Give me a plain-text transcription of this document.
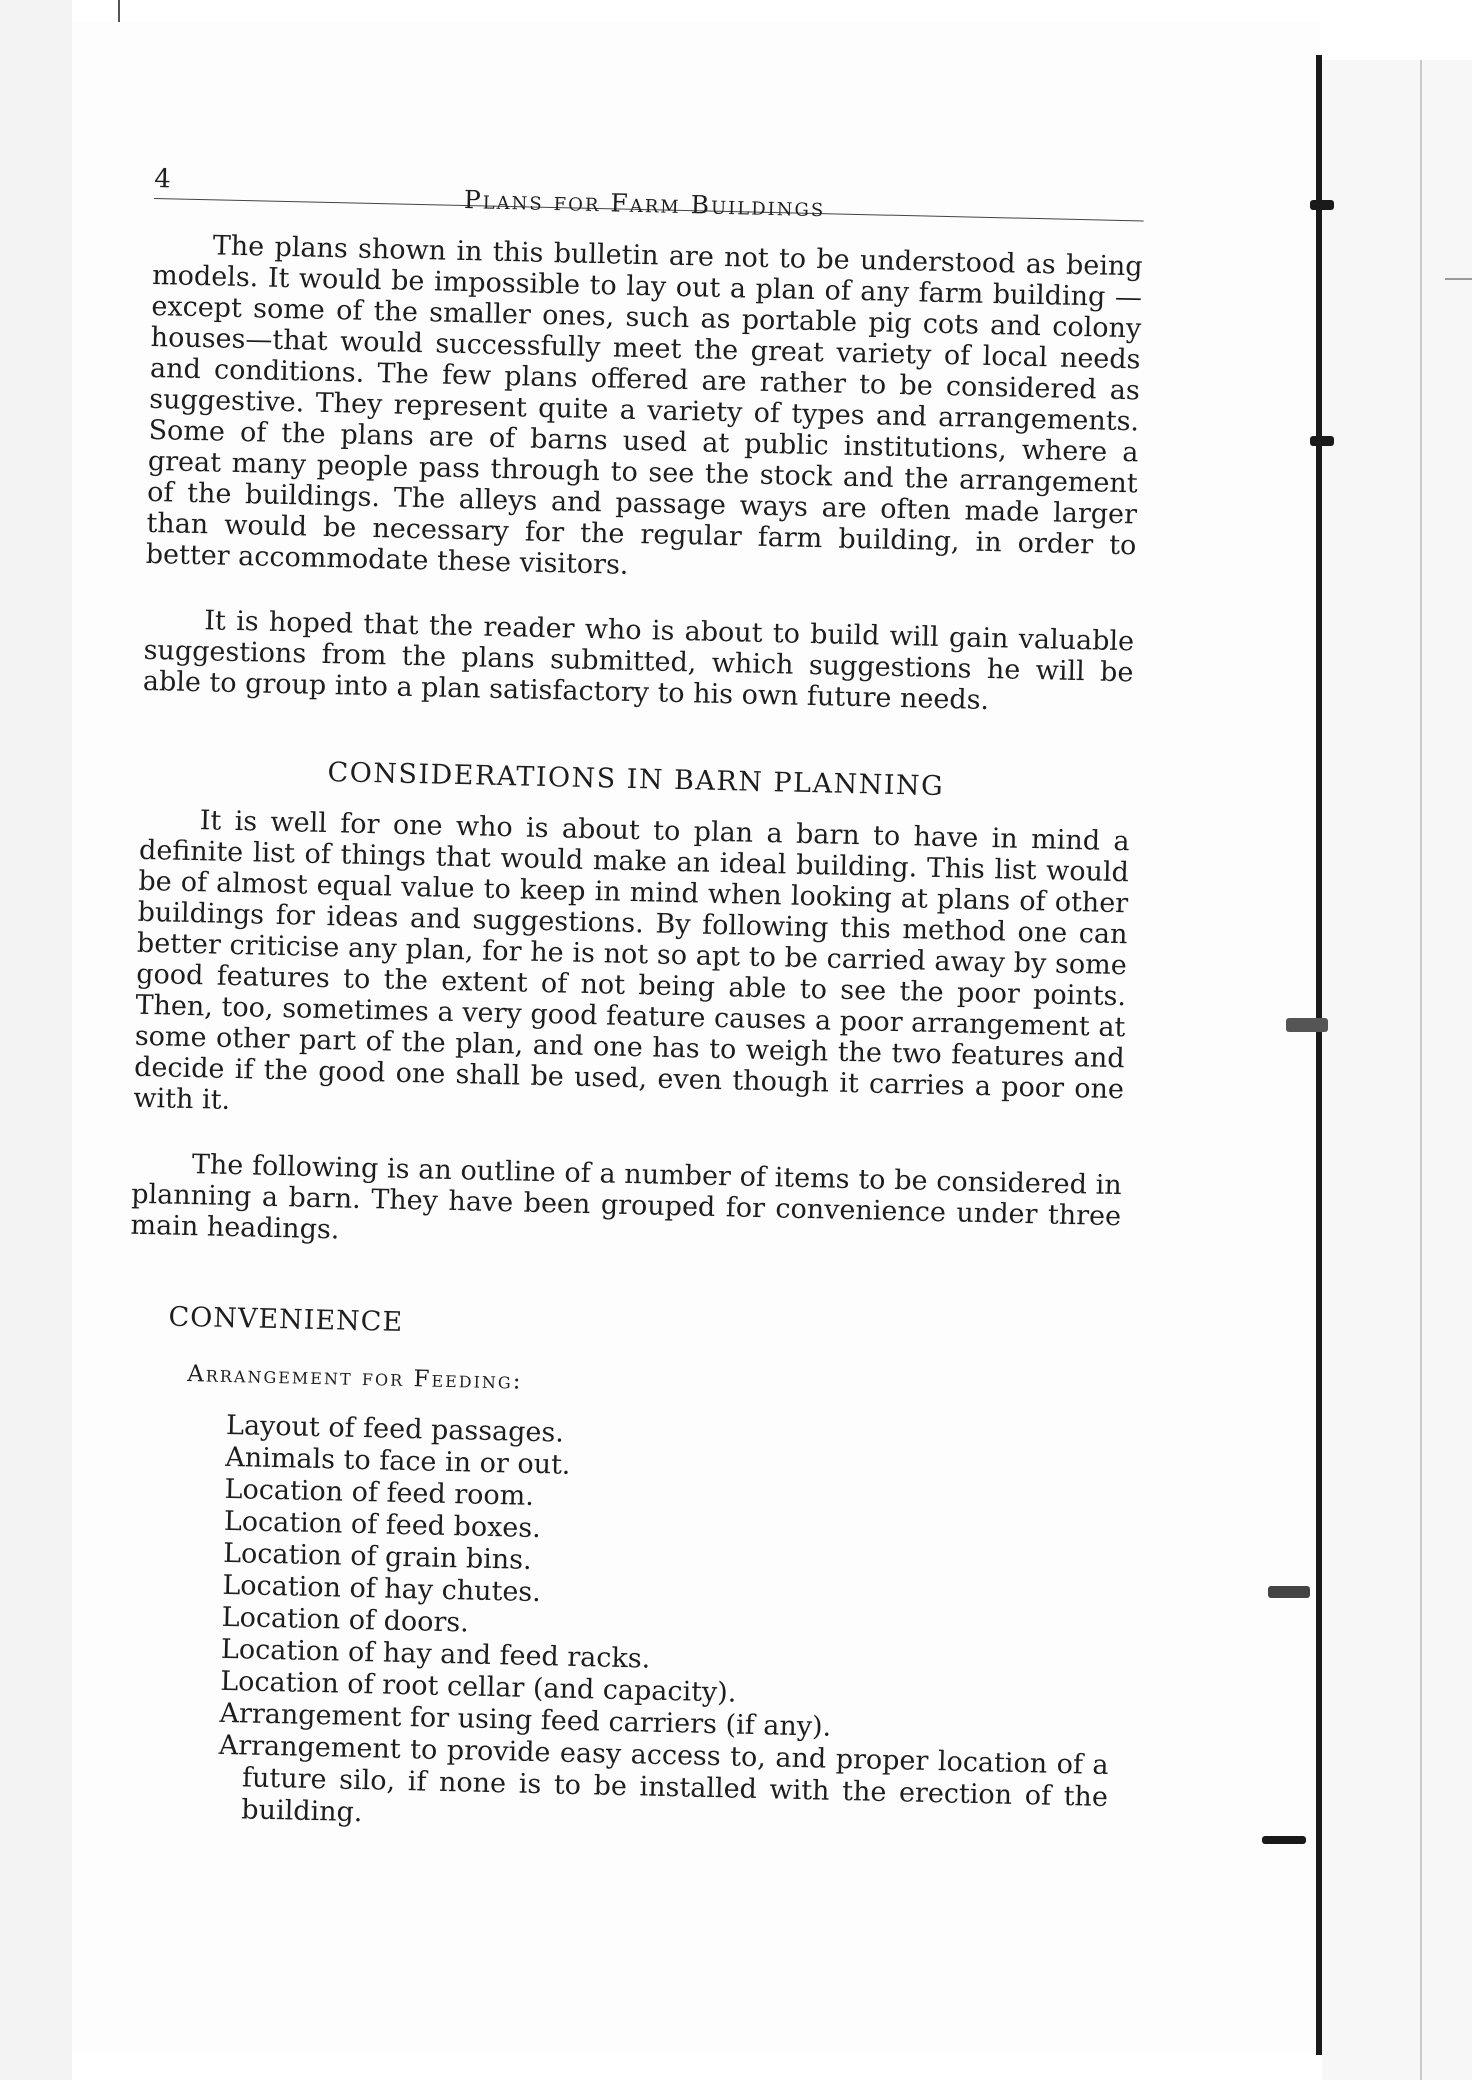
4
Plans for Farm Buildings

The plans shown in this bulletin are not to be understood as being models. It would be impossible to lay out a plan of any farm building —except some of the smaller ones, such as portable pig cots and colony houses—that would successfully meet the great variety of local needs and conditions. The few plans offered are rather to be considered as suggestive. They represent quite a variety of types and arrangements. Some of the plans are of barns used at public institutions, where a great many people pass through to see the stock and the arrangement of the buildings. The alleys and passage ways are often made larger than would be necessary for the regular farm building, in order to better accommodate these visitors.

It is hoped that the reader who is about to build will gain valuable suggestions from the plans submitted, which suggestions he will be able to group into a plan satisfactory to his own future needs.

CONSIDERATIONS IN BARN PLANNING

It is well for one who is about to plan a barn to have in mind a definite list of things that would make an ideal building. This list would be of almost equal value to keep in mind when looking at plans of other buildings for ideas and suggestions. By following this method one can better criticise any plan, for he is not so apt to be carried away by some good features to the extent of not being able to see the poor points. Then, too, sometimes a very good feature causes a poor arrangement at some other part of the plan, and one has to weigh the two features and decide if the good one shall be used, even though it carries a poor one with it.

The following is an outline of a number of items to be considered in planning a barn. They have been grouped for convenience under three main headings.

CONVENIENCE
Arrangement for Feeding:
Layout of feed passages.
Animals to face in or out.
Location of feed room.
Location of feed boxes.
Location of grain bins.
Location of hay chutes.
Location of doors.
Location of hay and feed racks.
Location of root cellar (and capacity).
Arrangement for using feed carriers (if any).
Arrangement to provide easy access to, and proper location of a future silo, if none is to be installed with the erection of the building.
